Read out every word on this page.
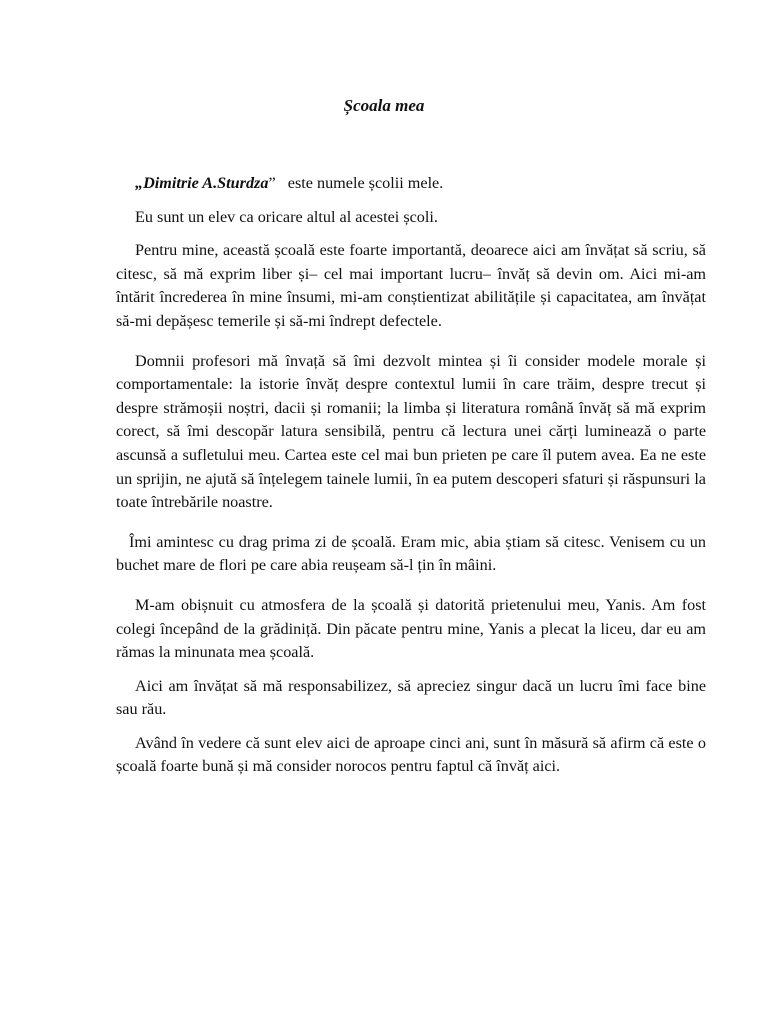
Școala mea

„Dimitrie A.Sturdza”   este numele școlii mele.

Eu sunt un elev ca oricare altul al acestei școli.

Pentru mine, această școală este foarte importantă, deoarece aici am învățat să scriu, să citesc, să mă exprim liber și– cel mai important lucru– învăț să devin om. Aici mi-am întărit încrederea în mine însumi, mi-am conștientizat abilitățile și capacitatea, am învățat să-mi depășesc temerile și să-mi îndrept defectele.

Domnii profesori mă învață să îmi dezvolt mintea și îi consider modele morale și comportamentale: la istorie învăț despre contextul lumii în care trăim, despre trecut și despre strămoșii noștri, dacii și romanii; la limba și literatura română învăț să mă exprim corect, să îmi descopăr latura sensibilă, pentru că lectura unei cărți luminează o parte ascunsă a sufletului meu. Cartea este cel mai bun prieten pe care îl putem avea. Ea ne este un sprijin, ne ajută să înțelegem tainele lumii, în ea putem descoperi sfaturi și răspunsuri la toate întrebările noastre.

Îmi amintesc cu drag prima zi de școală. Eram mic, abia știam să citesc. Venisem cu un buchet mare de flori pe care abia reușeam să-l țin în mâini.

M-am obișnuit cu atmosfera de la școală și datorită prietenului meu, Yanis. Am fost colegi începând de la grădiniță. Din păcate pentru mine, Yanis a plecat la liceu, dar eu am rămas la minunata mea școală.

Aici am învățat să mă responsabilizez, să apreciez singur dacă un lucru îmi face bine sau rău.

Având în vedere că sunt elev aici de aproape cinci ani, sunt în măsură să afirm că este o școală foarte bună și mă consider norocos pentru faptul că învăț aici.
